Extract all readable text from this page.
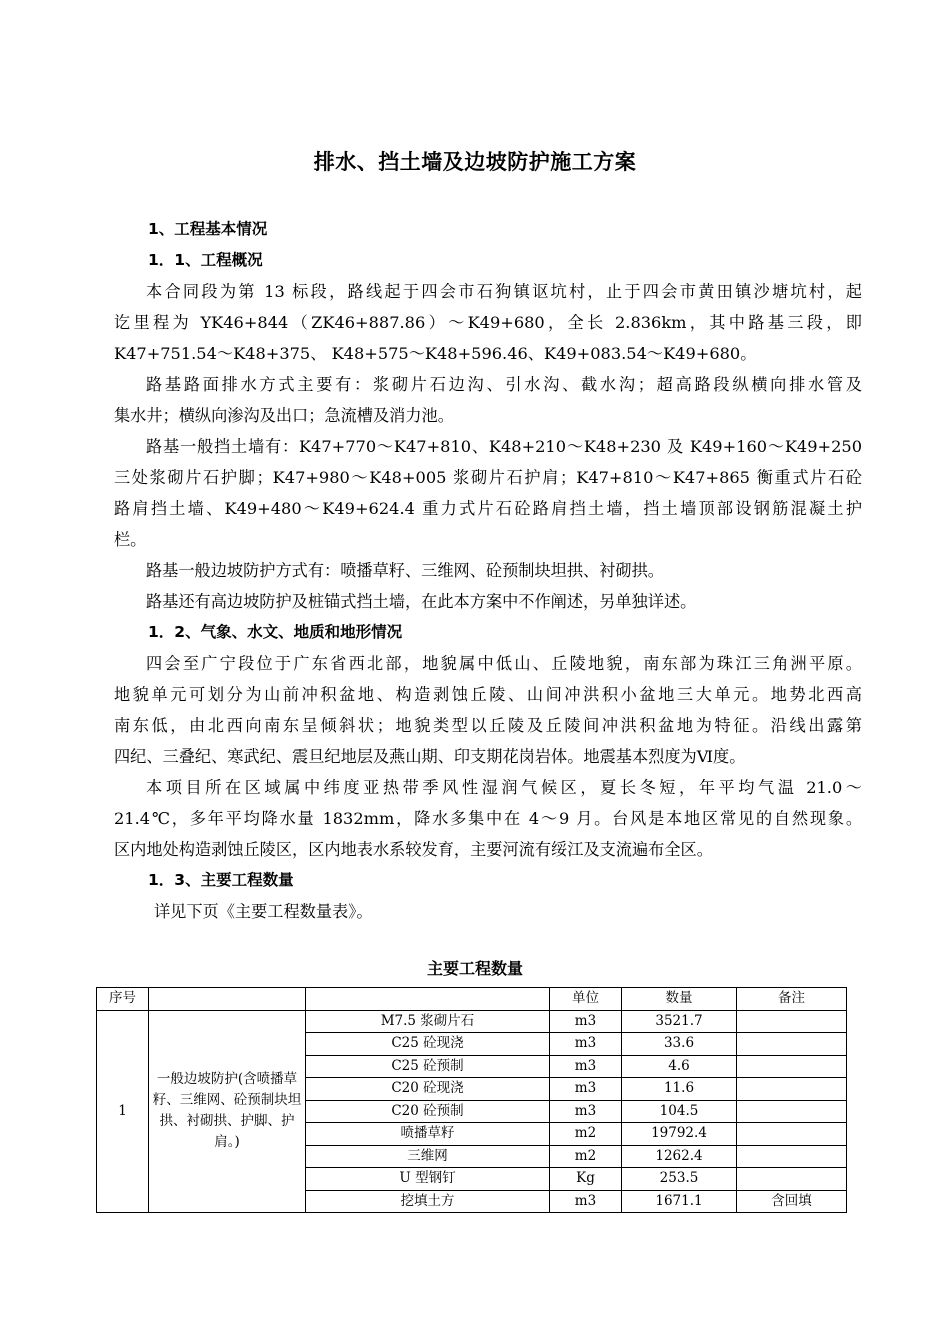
排水、挡土墙及边坡防护施工方案
1、工程基本情况
1．1、工程概况
本合同段为第 13 标段，路线起于四会市石狗镇讴坑村，止于四会市黄田镇沙塘坑村，起
讫里程为 YK46+844（ZK46+887.86）～K49+680，全长 2.836km，其中路基三段，即
K47+751.54～K48+375、 K48+575～K48+596.46、K49+083.54～K49+680。
路基路面排水方式主要有：浆砌片石边沟、引水沟、截水沟；超高路段纵横向排水管及
集水井；横纵向渗沟及出口；急流槽及消力池。
路基一般挡土墙有：K47+770～K47+810、K48+210～K48+230 及 K49+160～K49+250
三处浆砌片石护脚；K47+980～K48+005 浆砌片石护肩；K47+810～K47+865 衡重式片石砼
路肩挡土墙、K49+480～K49+624.4 重力式片石砼路肩挡土墙，挡土墙顶部设钢筋混凝土护
栏。
路基一般边坡防护方式有：喷播草籽、三维网、砼预制块坦拱、衬砌拱。
路基还有高边坡防护及桩锚式挡土墙，在此本方案中不作阐述，另单独详述。
1．2、气象、水文、地质和地形情况
四会至广宁段位于广东省西北部，地貌属中低山、丘陵地貌，南东部为珠江三角洲平原。
地貌单元可划分为山前冲积盆地、构造剥蚀丘陵、山间冲洪积小盆地三大单元。地势北西高
南东低，由北西向南东呈倾斜状；地貌类型以丘陵及丘陵间冲洪积盆地为特征。沿线出露第
四纪、三叠纪、寒武纪、震旦纪地层及燕山期、印支期花岗岩体。地震基本烈度为Ⅵ度。
本项目所在区域属中纬度亚热带季风性湿润气候区，夏长冬短，年平均气温 21.0～
21.4℃，多年平均降水量 1832mm，降水多集中在 4～9 月。台风是本地区常见的自然现象。
区内地处构造剥蚀丘陵区，区内地表水系较发育，主要河流有绥江及支流遍布全区。
1．3、主要工程数量
详见下页《主要工程数量表》。
主要工程数量
序号			单位	数量	备注
1	一般边坡防护(含喷播草籽、三维网、砼预制块坦拱、衬砌拱、护脚、护肩。)	M7.5 浆砌片石	m3	3521.7	
		C25 砼现浇	m3	33.6	
		C25 砼预制	m3	4.6	
		C20 砼现浇	m3	11.6	
		C20 砼预制	m3	104.5	
		喷播草籽	m2	19792.4	
		三维网	m2	1262.4	
		U 型钢钉	Kg	253.5	
		挖填土方	m3	1671.1	含回填
